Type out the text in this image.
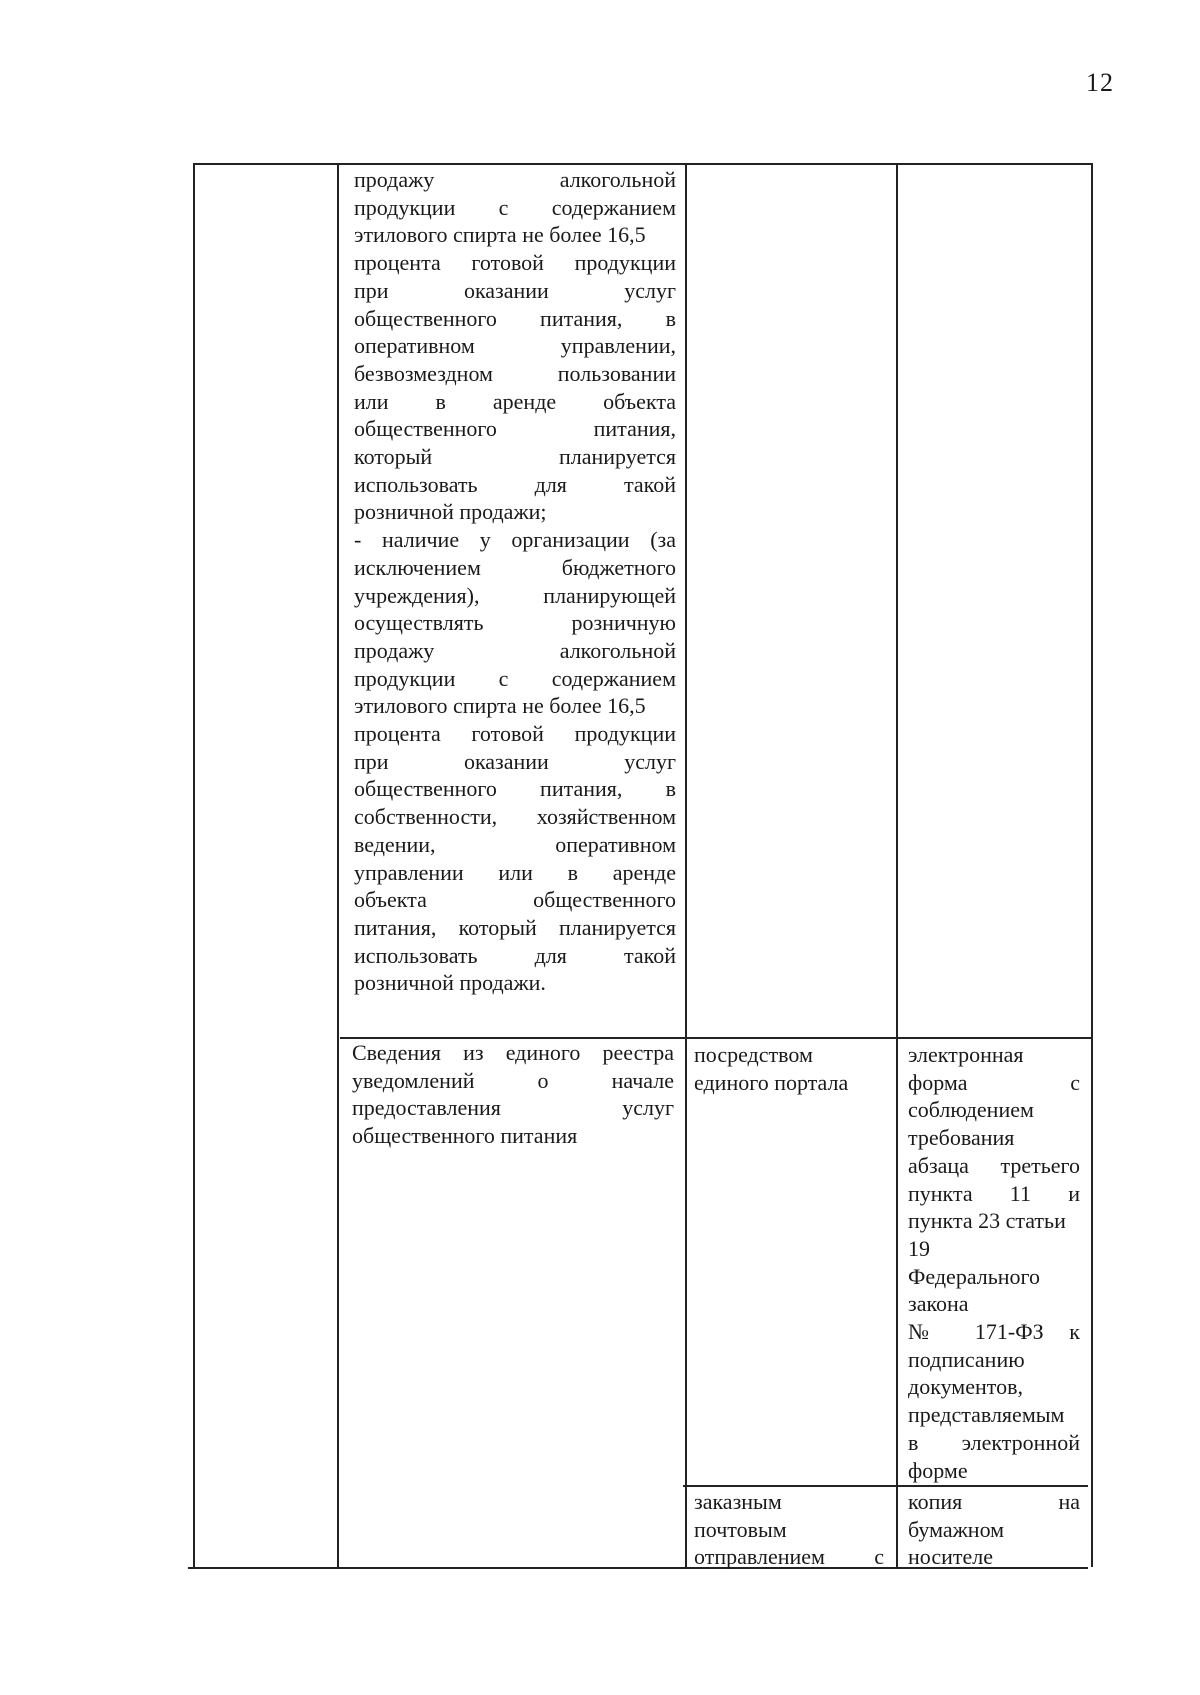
12
продажу алкогольной
продукции с содержанием
этилового спирта не более 16,5
процента готовой продукции
при оказании услуг
общественного питания, в
оперативном управлении,
безвозмездном пользовании
или в аренде объекта
общественного питания,
который планируется
использовать для такой
розничной продажи;
- наличие у организации (за
исключением бюджетного
учреждения), планирующей
осуществлять розничную
продажу алкогольной
продукции с содержанием
этилового спирта не более 16,5
процента готовой продукции
при оказании услуг
общественного питания, в
собственности, хозяйственном
ведении, оперативном
управлении или в аренде
объекта общественного
питания, который планируется
использовать для такой
розничной продажи.
Сведения из единого реестра
уведомлений о начале
предоставления услуг
общественного питания
посредством
единого портала
электронная
форма с
соблюдением
требования
абзаца третьего
пункта 11 и
пункта 23 статьи
19
Федерального
закона
№ 171-ФЗ к
подписанию
документов,
представляемым
в электронной
форме
заказным
почтовым
отправлением с
копия на
бумажном
носителе
